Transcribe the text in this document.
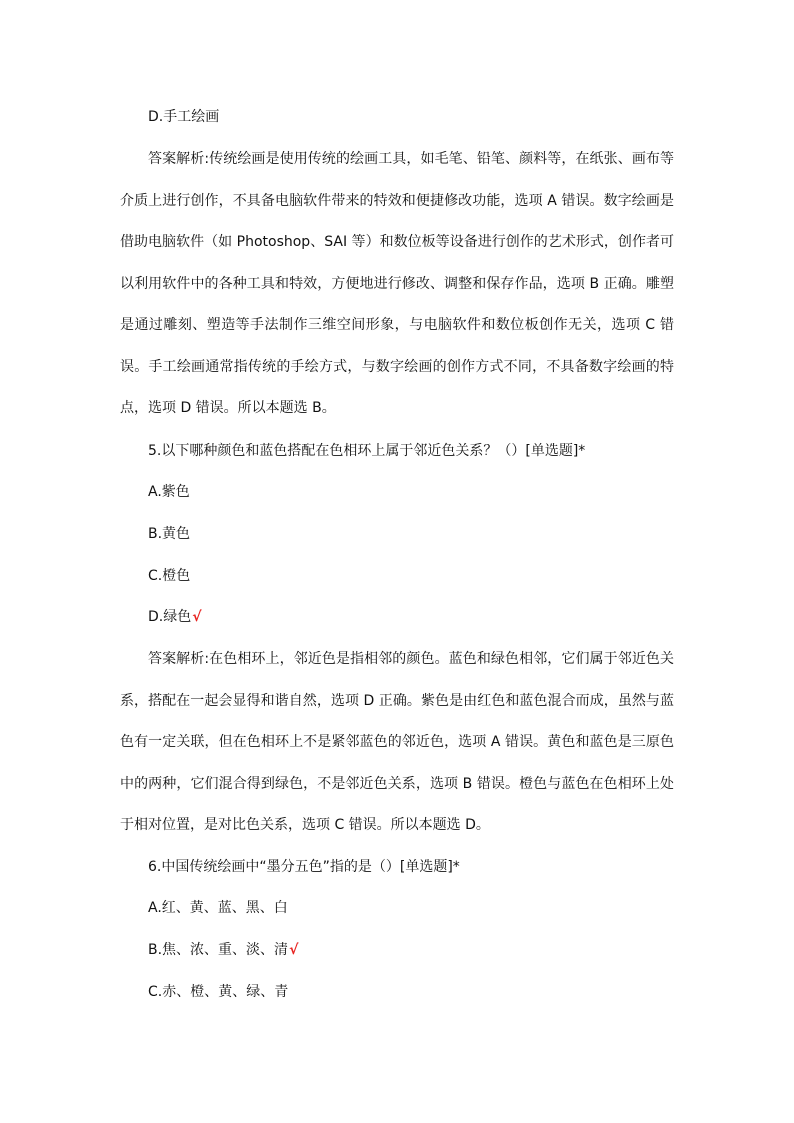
D.手工绘画
答案解析:传统绘画是使用传统的绘画工具，如毛笔、铅笔、颜料等，在纸张、画布等介质上进行创作，不具备电脑软件带来的特效和便捷修改功能，选项 A 错误。数字绘画是借助电脑软件（如 Photoshop、SAI 等）和数位板等设备进行创作的艺术形式，创作者可以利用软件中的各种工具和特效，方便地进行修改、调整和保存作品，选项 B 正确。雕塑是通过雕刻、塑造等手法制作三维空间形象，与电脑软件和数位板创作无关，选项 C 错误。手工绘画通常指传统的手绘方式，与数字绘画的创作方式不同，不具备数字绘画的特点，选项 D 错误。所以本题选 B。
5.以下哪种颜色和蓝色搭配在色相环上属于邻近色关系？（）[单选题]*
A.紫色
B.黄色
C.橙色
D.绿色√
答案解析:在色相环上，邻近色是指相邻的颜色。蓝色和绿色相邻，它们属于邻近色关系，搭配在一起会显得和谐自然，选项 D 正确。紫色是由红色和蓝色混合而成，虽然与蓝色有一定关联，但在色相环上不是紧邻蓝色的邻近色，选项 A 错误。黄色和蓝色是三原色中的两种，它们混合得到绿色，不是邻近色关系，选项 B 错误。橙色与蓝色在色相环上处于相对位置，是对比色关系，选项 C 错误。所以本题选 D。
6.中国传统绘画中“墨分五色”指的是（）[单选题]*
A.红、黄、蓝、黑、白
B.焦、浓、重、淡、清√
C.赤、橙、黄、绿、青
